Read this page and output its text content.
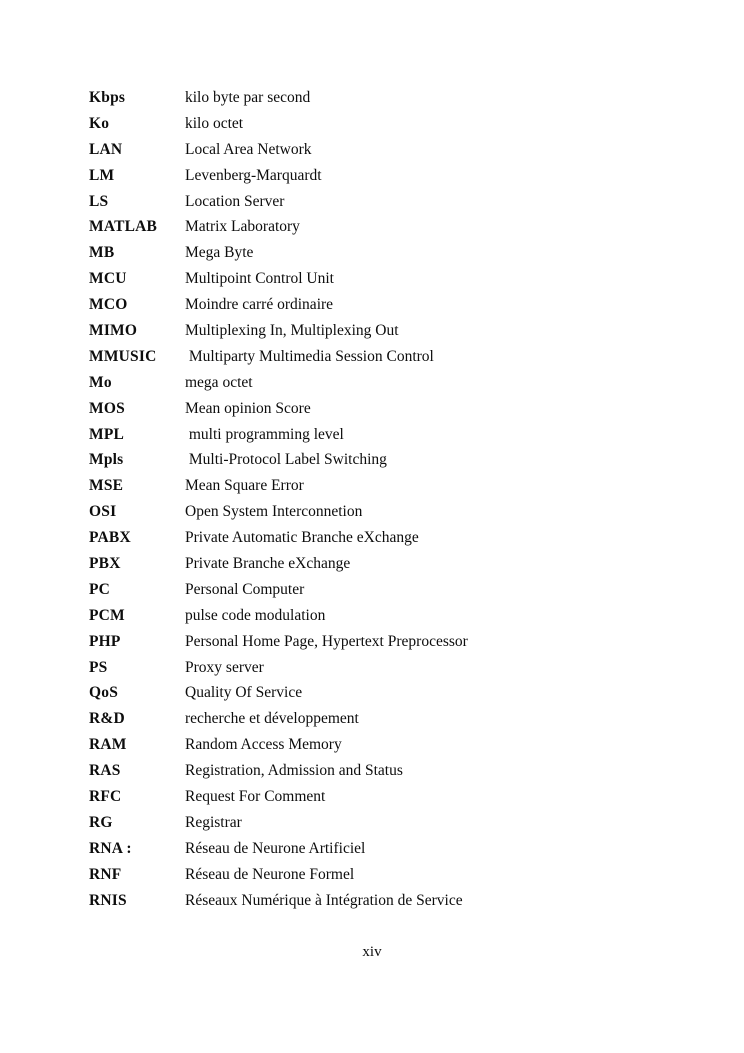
Kbps	kilo byte par second
Ko	kilo octet
LAN	Local Area Network
LM	Levenberg-Marquardt
LS	Location Server
MATLAB	Matrix Laboratory
MB	Mega Byte
MCU	Multipoint Control Unit
MCO	Moindre carré ordinaire
MIMO	Multiplexing In, Multiplexing Out
MMUSIC	Multiparty Multimedia Session Control
Mo	mega octet
MOS	Mean opinion Score
MPL	multi programming level
Mpls	Multi-Protocol Label Switching
MSE	Mean Square Error
OSI	Open System Interconnetion
PABX	Private Automatic Branche eXchange
PBX	Private Branche eXchange
PC	Personal Computer
PCM	pulse code modulation
PHP	Personal Home Page, Hypertext Preprocessor
PS	Proxy server
QoS	Quality Of Service
R&D	recherche et développement
RAM	Random Access Memory
RAS	Registration, Admission and Status
RFC	Request For Comment
RG	Registrar
RNA :	Réseau de Neurone Artificiel
RNF	Réseau de Neurone Formel
RNIS	Réseaux Numérique à Intégration de Service
xiv
